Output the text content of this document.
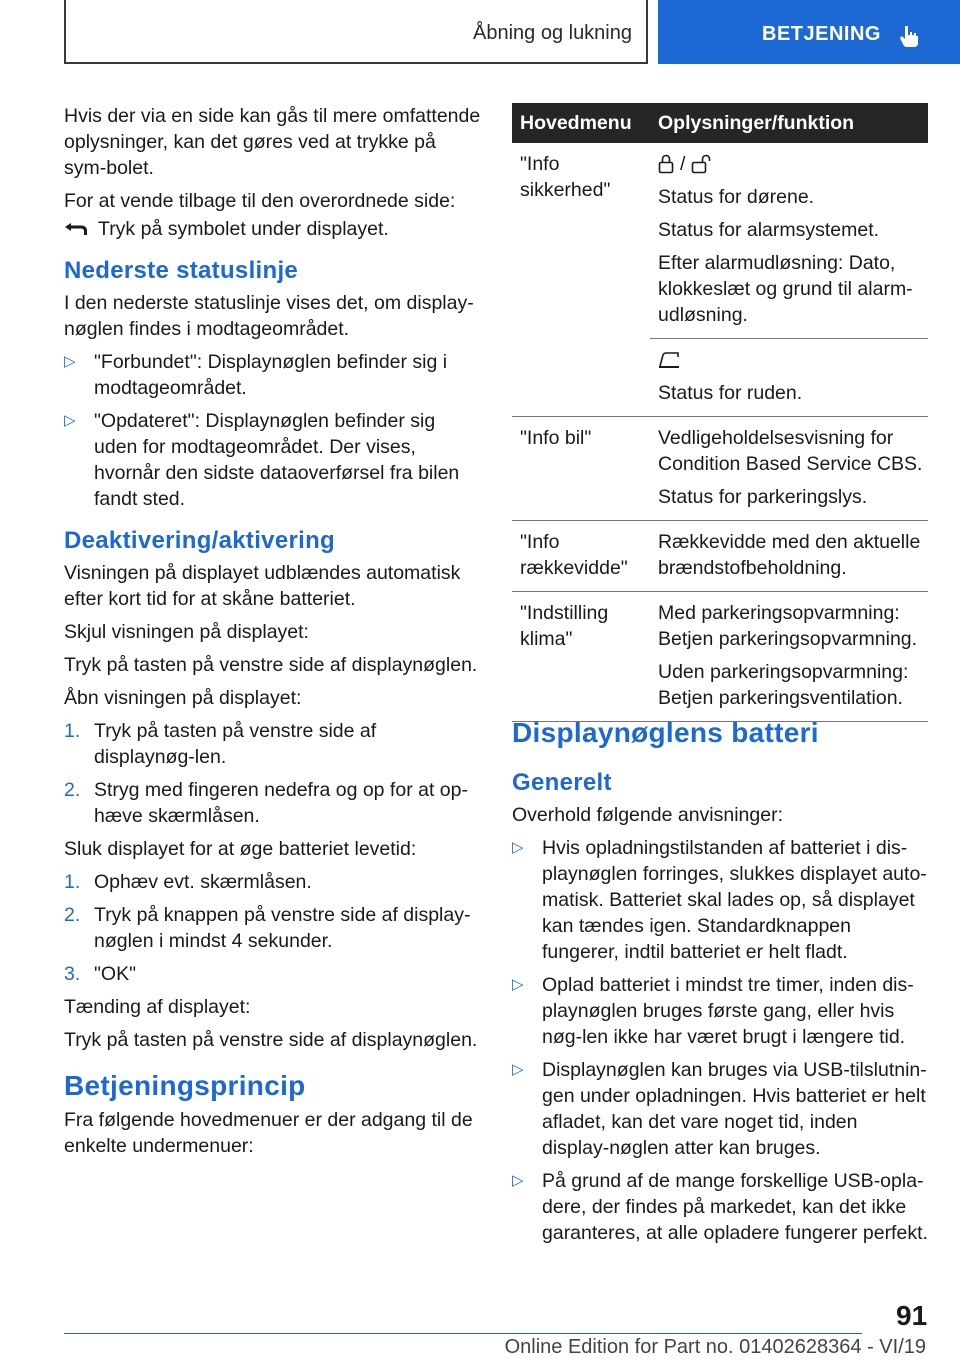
Åbning og lukning	BETJENING

Hvis der via en side kan gås til mere omfattende oplysninger, kan det gøres ved at trykke på sym‐bolet.

For at vende tilbage til den overordnede side:

Tryk på symbolet under displayet.

Nederste statuslinje

I den nederste statuslinje vises det, om display‐nøglen findes i modtageområdet.

▷ "Forbundet": Displaynøglen befinder sig i modtageområdet.
▷ "Opdateret": Displaynøglen befinder sig uden for modtageområdet. Der vises, hvornår den sidste dataoverførsel fra bilen fandt sted.
Deaktivering/aktivering

Visningen på displayet udblændes automatisk efter kort tid for at skåne batteriet.

Skjul visningen på displayet:

Tryk på tasten på venstre side af displaynøglen.

Åbn visningen på displayet:

1. Tryk på tasten på venstre side af displaynøg‐len.
2. Stryg med fingeren nedefra og op for at op‐hæve skærmlåsen.

Sluk displayet for at øge batteriet levetid:

1. Ophæv evt. skærmlåsen.
2. Tryk på knappen på venstre side af display‐nøglen i mindst 4 sekunder.
3. "OK"

Tænding af displayet:

Tryk på tasten på venstre side af displaynøglen.

Betjeningsprincip

Fra følgende hovedmenuer er der adgang til de enkelte undermenuer:

Hovedmenu	Oplysninger/funktion
"Info sikkerhed"	/
Status for dørene.
Status for alarmsystemet.
Efter alarmudløsning: Dato, klokkeslæt og grund til alarm‐udløsning.

	Status for ruden.

"Info bil"	Vedligeholdelsesvisning for Condition Based Service CBS.
Status for parkeringslys.

"Info rækkevidde"	Rækkevidde med den aktuelle brændstofbeholdning.

"Indstilling klima"	Med parkeringsopvarmning: Betjen parkeringsopvarmning.
Uden parkeringsopvarmning: Betjen parkeringsventilation.
Displaynøglens batteri
Generelt

Overhold følgende anvisninger:

▷ Hvis opladningstilstanden af batteriet i dis‐playnøglen forringes, slukkes displayet auto‐matisk. Batteriet skal lades op, så displayet kan tændes igen. Standardknappen fungerer, indtil batteriet er helt fladt.
▷ Oplad batteriet i mindst tre timer, inden dis‐playnøglen bruges første gang, eller hvis nøg‐len ikke har været brugt i længere tid.
▷ Displaynøglen kan bruges via USB-tilslutnin‐gen under opladningen. Hvis batteriet er helt afladet, kan det vare noget tid, inden display‐nøglen atter kan bruges.
▷ På grund af de mange forskellige USB-opla‐dere, der findes på markedet, kan det ikke garanteres, at alle opladere fungerer perfekt.
91
Online Edition for Part no. 01402628364 - VI/19
